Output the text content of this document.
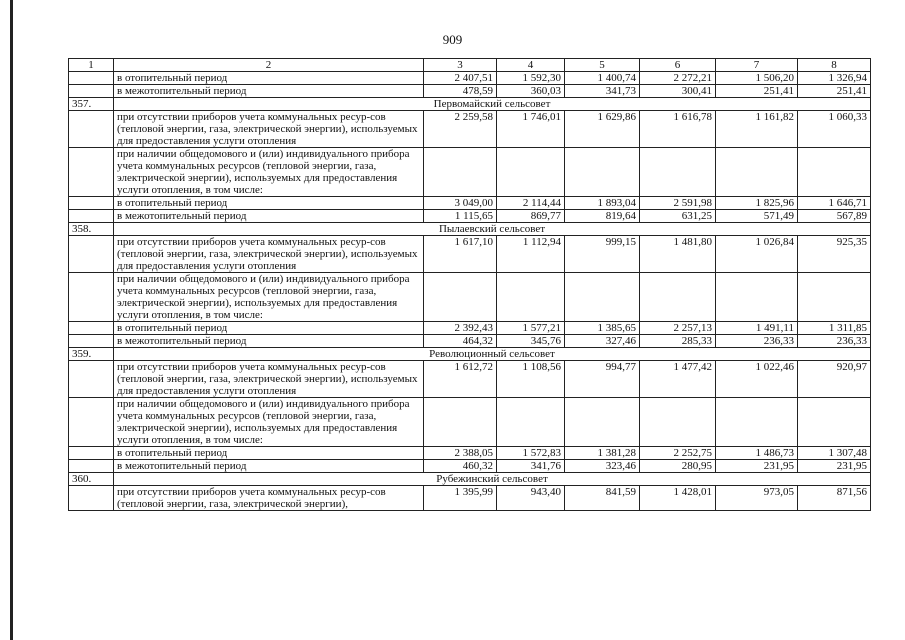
909
1	2	3	4	5	6	7	8
	в отопительный период	2 407,51	1 592,30	1 400,74	2 272,21	1 506,20	1 326,94
	в межотопительный период	478,59	360,03	341,73	300,41	251,41	251,41
357.	Первомайский сельсовет						
	при отсутствии приборов учета коммунальных ресур-сов (тепловой энергии, газа, электрической энергии), используемых для предоставления услуги отопления	2 259,58	1 746,01	1 629,86	1 616,78	1 161,82	1 060,33
	при наличии общедомового и (или) индивидуального прибора учета коммунальных ресурсов (тепловой энергии, газа, электрической энергии), используемых для предоставления услуги отопления, в том числе:						
	в отопительный период	3 049,00	2 114,44	1 893,04	2 591,98	1 825,96	1 646,71
	в межотопительный период	1 115,65	869,77	819,64	631,25	571,49	567,89
358.	Пылаевский сельсовет						
	при отсутствии приборов учета коммунальных ресур-сов (тепловой энергии, газа, электрической энергии), используемых для предоставления услуги отопления	1 617,10	1 112,94	999,15	1 481,80	1 026,84	925,35
	при наличии общедомового и (или) индивидуального прибора учета коммунальных ресурсов (тепловой энергии, газа, электрической энергии), используемых для предоставления услуги отопления, в том числе:						
	в отопительный период	2 392,43	1 577,21	1 385,65	2 257,13	1 491,11	1 311,85
	в межотопительный период	464,32	345,76	327,46	285,33	236,33	236,33
359.	Революционный сельсовет						
	при отсутствии приборов учета коммунальных ресур-сов (тепловой энергии, газа, электрической энергии), используемых для предоставления услуги отопления	1 612,72	1 108,56	994,77	1 477,42	1 022,46	920,97
	при наличии общедомового и (или) индивидуального прибора учета коммунальных ресурсов (тепловой энергии, газа, электрической энергии), используемых для предоставления услуги отопления, в том числе:						
	в отопительный период	2 388,05	1 572,83	1 381,28	2 252,75	1 486,73	1 307,48
	в межотопительный период	460,32	341,76	323,46	280,95	231,95	231,95
360.	Рубежинский сельсовет						
	при отсутствии приборов учета коммунальных ресур-сов (тепловой энергии, газа, электрической энергии),	1 395,99	943,40	841,59	1 428,01	973,05	871,56
